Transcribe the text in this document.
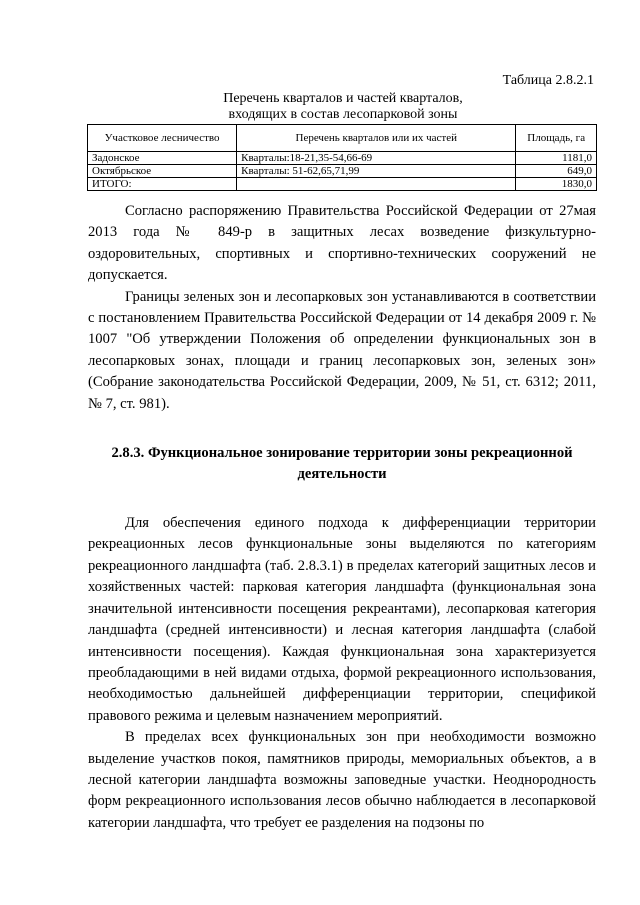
Таблица 2.8.2.1

Перечень кварталов и частей кварталов,

входящих в состав лесопарковой зоны

Участковое лесничество	Перечень кварталов или их частей	Площадь, га
Задонское	Кварталы:18-21,35-54,66-69	1181,0
Октябрьское	Кварталы: 51-62,65,71,99	649,0
ИТОГО:		1830,0

Согласно распоряжению Правительства Российской Федерации от 27мая 2013 года № 849-р в защитных лесах возведение физкультурно-оздоровительных, спортивных и спортивно-технических сооружений не допускается.

Границы зеленых зон и лесопарковых зон устанавливаются в соответствии с постановлением Правительства Российской Федерации от 14 декабря 2009 г. № 1007 "Об утверждении Положения об определении функциональных зон в лесопарковых зонах, площади и границ лесопарковых зон, зеленых зон» (Собрание законодательства Российской Федерации, 2009, № 51, ст. 6312; 2011, № 7, ст. 981).

2.8.3. Функциональное зонирование территории зоны рекреационной деятельности

Для обеспечения единого подхода к дифференциации территории рекреационных лесов функциональные зоны выделяются по категориям рекреационного ландшафта (таб. 2.8.3.1) в пределах категорий защитных лесов и хозяйственных частей: парковая категория ландшафта (функциональная зона значительной интенсивности посещения рекреантами), лесопарковая категория ландшафта (средней интенсивности) и лесная категория ландшафта (слабой интенсивности посещения). Каждая функциональная зона характеризуется преобладающими в ней видами отдыха, формой рекреационного использования, необходимостью дальнейшей дифференциации территории, спецификой правового режима и целевым назначением мероприятий.

В пределах всех функциональных зон при необходимости возможно выделение участков покоя, памятников природы, мемориальных объектов, а в лесной категории ландшафта возможны заповедные участки. Неоднородность форм рекреационного использования лесов обычно наблюдается в лесопарковой категории ландшафта, что требует ее разделения на подзоны по
